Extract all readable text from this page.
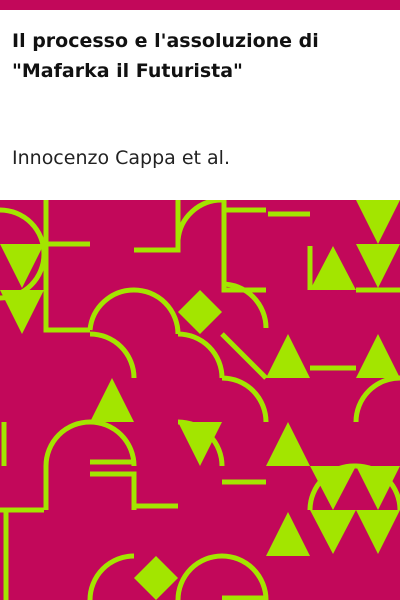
Il processo e l'assoluzione di "Mafarka il Futurista"

Innocenzo Cappa et al.
